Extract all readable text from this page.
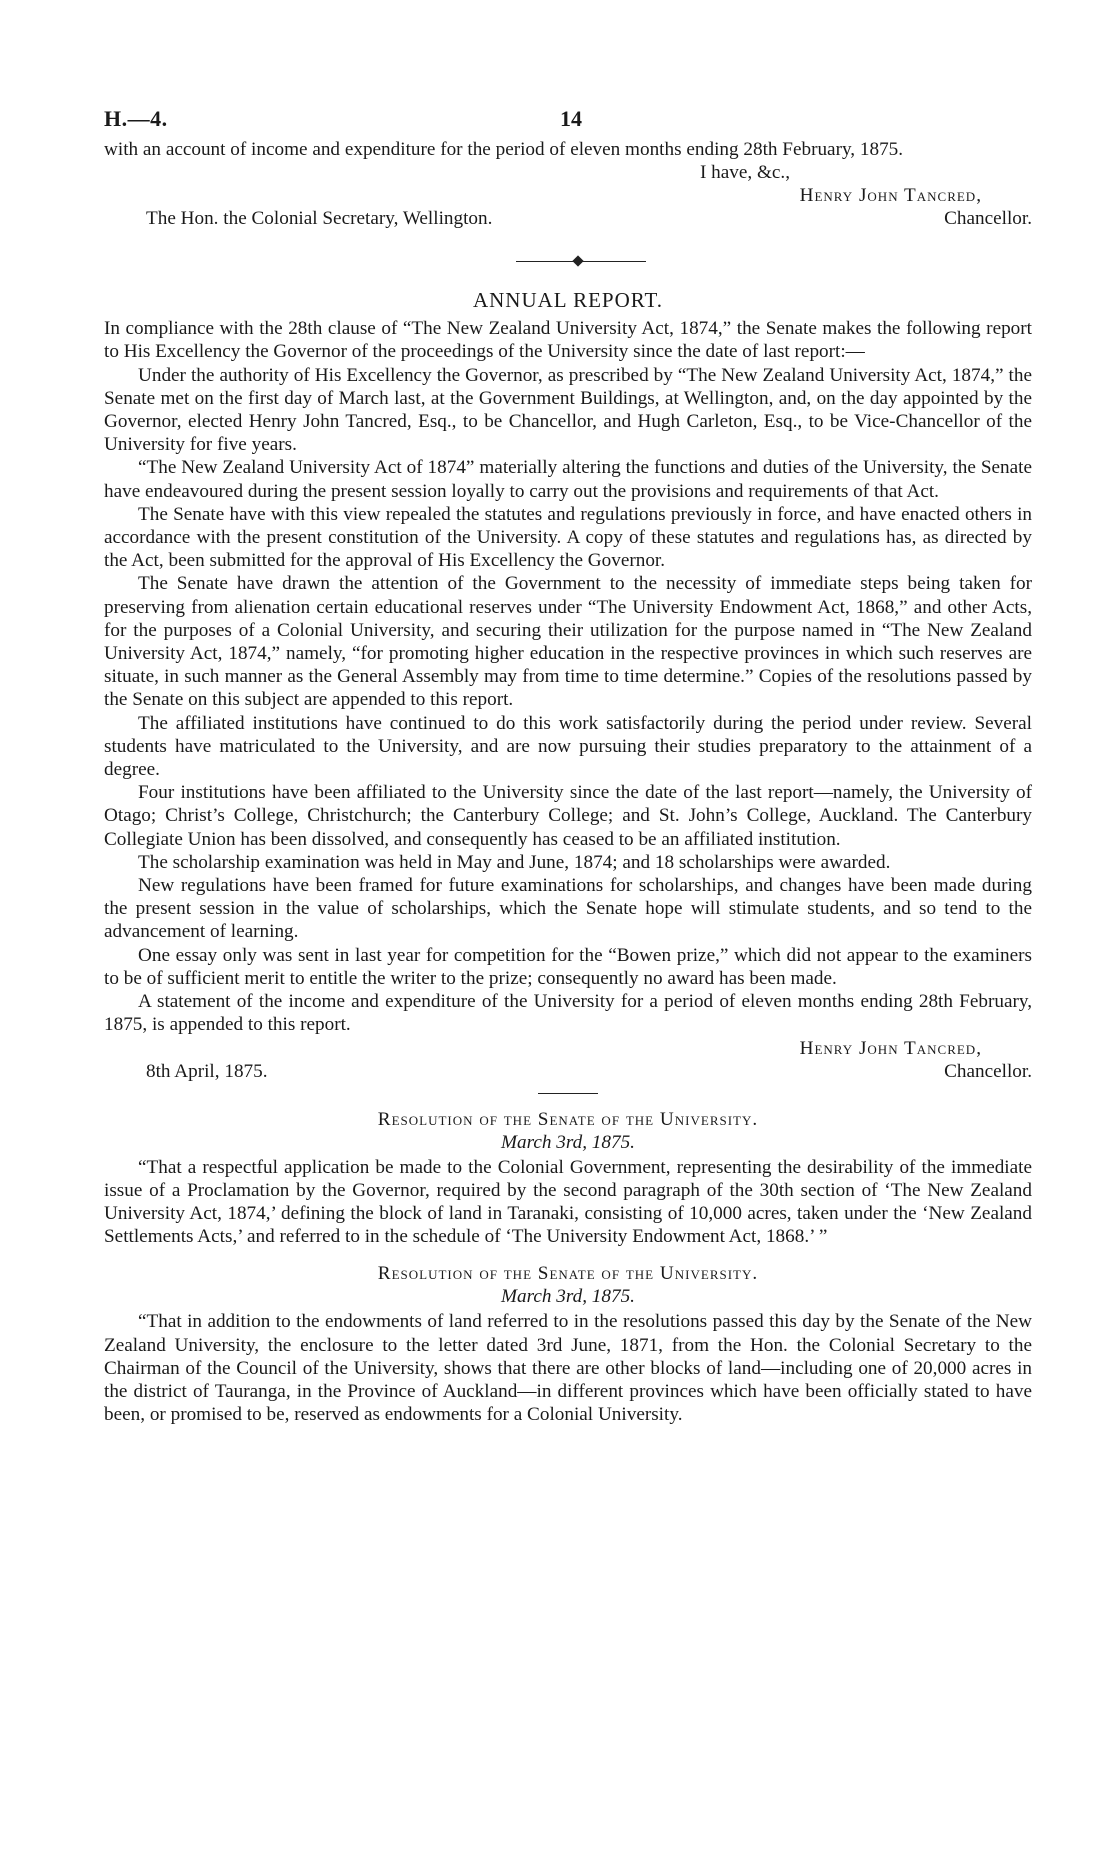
H.—4.	14

with an account of income and expenditure for the period of eleven months ending 28th February, 1875.

I have, &c.,
Henry John Tancred,
The Hon. the Colonial Secretary, Wellington.	Chancellor.
ANNUAL REPORT.

In compliance with the 28th clause of “The New Zealand University Act, 1874,” the Senate makes the following report to His Excellency the Governor of the proceedings of the University since the date of last report:—

Under the authority of His Excellency the Governor, as prescribed by “The New Zealand University Act, 1874,” the Senate met on the first day of March last, at the Government Buildings, at Wellington, and, on the day appointed by the Governor, elected Henry John Tancred, Esq., to be Chancellor, and Hugh Carleton, Esq., to be Vice-Chancellor of the University for five years.

“The New Zealand University Act of 1874” materially altering the functions and duties of the University, the Senate have endeavoured during the present session loyally to carry out the provisions and requirements of that Act.

The Senate have with this view repealed the statutes and regulations previously in force, and have enacted others in accordance with the present constitution of the University. A copy of these statutes and regulations has, as directed by the Act, been submitted for the approval of His Excellency the Governor.

The Senate have drawn the attention of the Government to the necessity of immediate steps being taken for preserving from alienation certain educational reserves under “The University Endowment Act, 1868,” and other Acts, for the purposes of a Colonial University, and securing their utilization for the purpose named in “The New Zealand University Act, 1874,” namely, “for promoting higher education in the respective provinces in which such reserves are situate, in such manner as the General Assembly may from time to time determine.” Copies of the resolutions passed by the Senate on this subject are appended to this report.

The affiliated institutions have continued to do this work satisfactorily during the period under review. Several students have matriculated to the University, and are now pursuing their studies preparatory to the attainment of a degree.

Four institutions have been affiliated to the University since the date of the last report—namely, the University of Otago; Christ’s College, Christchurch; the Canterbury College; and St. John’s College, Auckland. The Canterbury Collegiate Union has been dissolved, and consequently has ceased to be an affiliated institution.

The scholarship examination was held in May and June, 1874; and 18 scholarships were awarded.

New regulations have been framed for future examinations for scholarships, and changes have been made during the present session in the value of scholarships, which the Senate hope will stimulate students, and so tend to the advancement of learning.

One essay only was sent in last year for competition for the “Bowen prize,” which did not appear to the examiners to be of sufficient merit to entitle the writer to the prize; consequently no award has been made.

A statement of the income and expenditure of the University for a period of eleven months ending 28th February, 1875, is appended to this report.

Henry John Tancred,
8th April, 1875.	Chancellor.
Resolution of the Senate of the University.
March 3rd, 1875.

“That a respectful application be made to the Colonial Government, representing the desirability of the immediate issue of a Proclamation by the Governor, required by the second paragraph of the 30th section of ‘The New Zealand University Act, 1874,’ defining the block of land in Taranaki, consisting of 10,000 acres, taken under the ‘New Zealand Settlements Acts,’ and referred to in the schedule of ‘The University Endowment Act, 1868.’ ”

Resolution of the Senate of the University.
March 3rd, 1875.

“That in addition to the endowments of land referred to in the resolutions passed this day by the Senate of the New Zealand University, the enclosure to the letter dated 3rd June, 1871, from the Hon. the Colonial Secretary to the Chairman of the Council of the University, shows that there are other blocks of land—including one of 20,000 acres in the district of Tauranga, in the Province of Auckland—in different provinces which have been officially stated to have been, or promised to be, reserved as endowments for a Colonial University.
